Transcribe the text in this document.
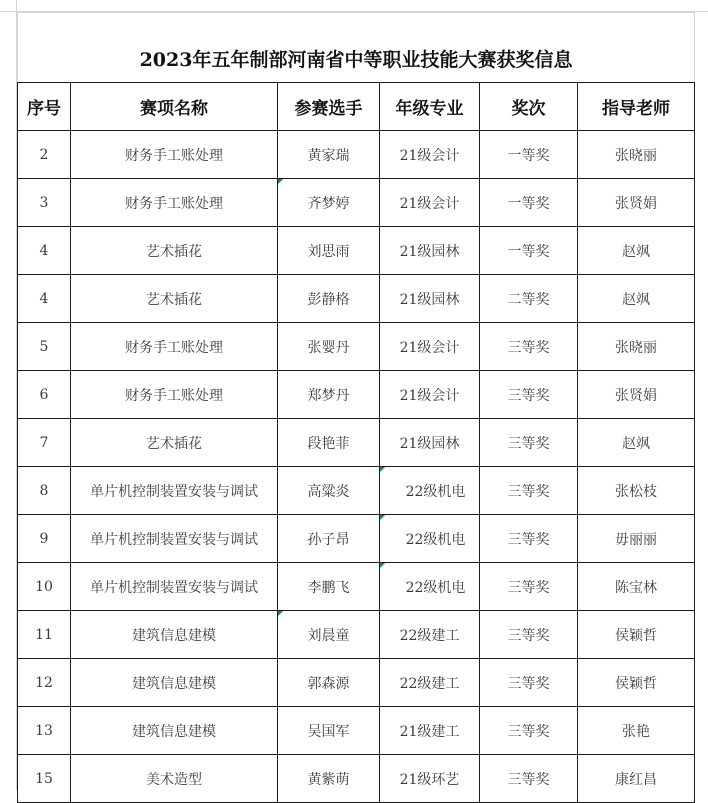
2023年五年制部河南省中等职业技能大赛获奖信息					
序号	赛项名称	参赛选手	年级专业	奖次	指导老师
2	财务手工账处理	黄家瑞	21级会计	一等奖	张晓丽
3	财务手工账处理	齐梦婷	21级会计	一等奖	张贤娟
4	艺术插花	刘思雨	21级园林	一等奖	赵飒
4	艺术插花	彭静格	21级园林	二等奖	赵飒
5	财务手工账处理	张婴丹	21级会计	三等奖	张晓丽
6	财务手工账处理	郑梦丹	21级会计	三等奖	张贤娟
7	艺术插花	段艳菲	21级园林	三等奖	赵飒
8	单片机控制装置安装与调试	高粱炎	22级机电	三等奖	张松枝
9	单片机控制装置安装与调试	孙子昂	22级机电	三等奖	毋丽丽
10	单片机控制装置安装与调试	李鹏飞	22级机电	三等奖	陈宝林
11	建筑信息建模	刘晨童	22级建工	三等奖	侯颖哲
12	建筑信息建模	郭森源	22级建工	三等奖	侯颖哲
13	建筑信息建模	吴国军	21级建工	三等奖	张艳
15	美术造型	黄紫萌	21级环艺	三等奖	康红昌
